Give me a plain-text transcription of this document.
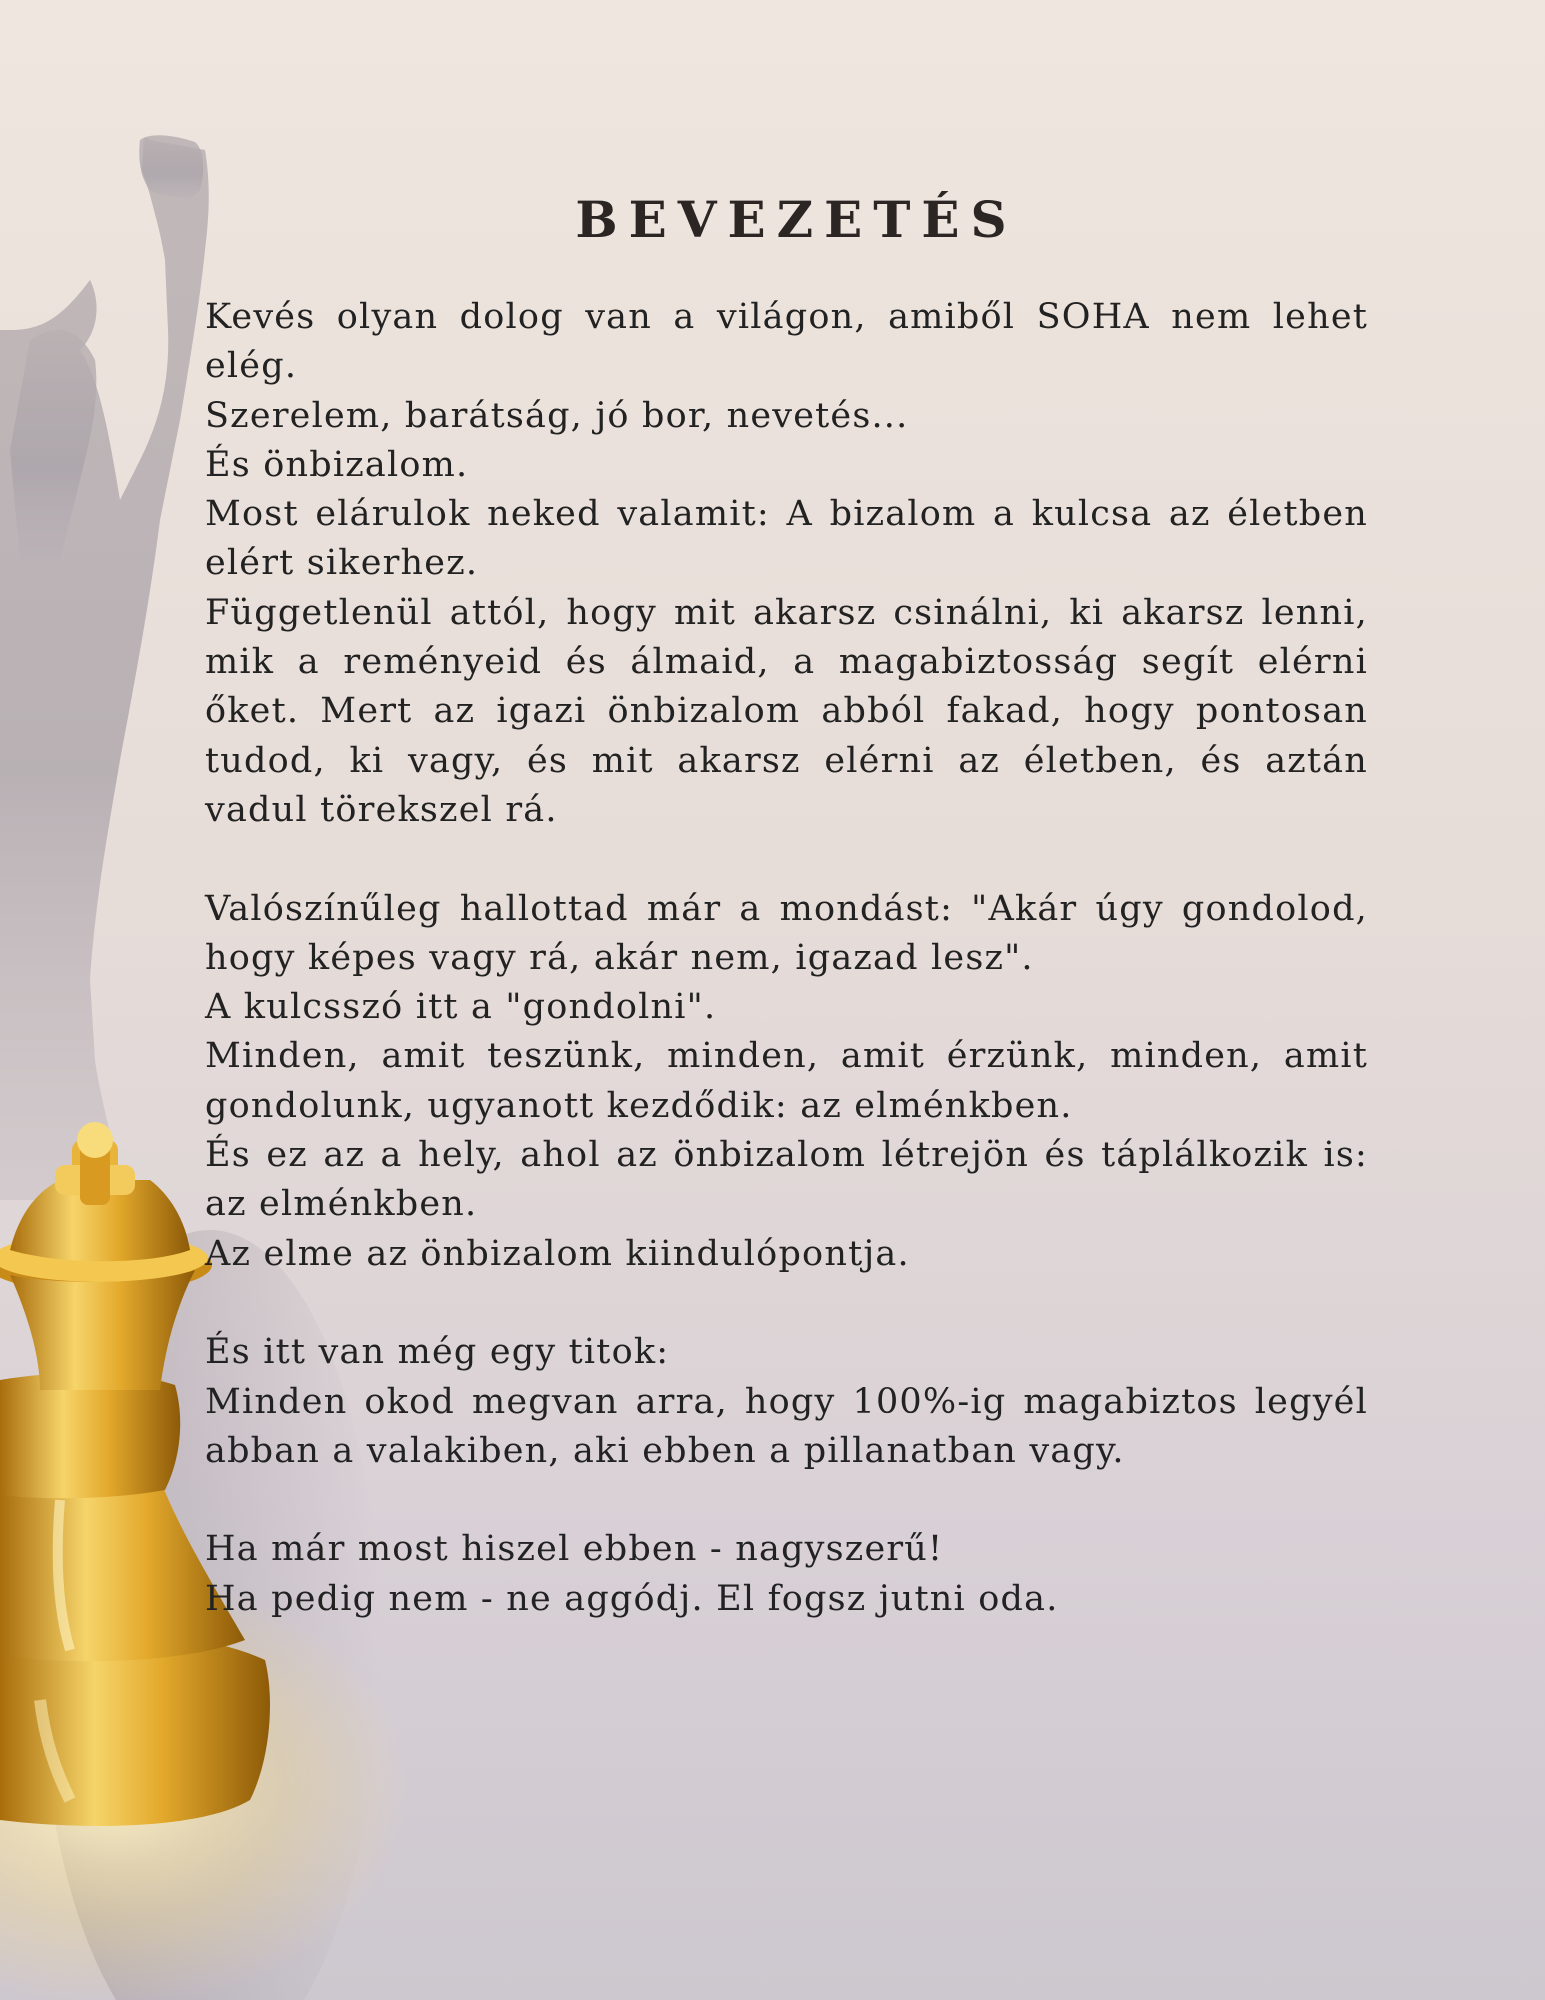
BEVEZETÉS
Kevés olyan dolog van a világon, amiből SOHA nem lehet elég.
Szerelem, barátság, jó bor, nevetés...
És önbizalom.
Most elárulok neked valamit: A bizalom a kulcsa az életben elért sikerhez.
Függetlenül attól, hogy mit akarsz csinálni, ki akarsz lenni, mik a reményeid és álmaid, a magabiztosság segít elérni őket. Mert az igazi önbizalom abból fakad, hogy pontosan tudod, ki vagy, és mit akarsz elérni az életben, és aztán vadul törekszel rá.
Valószínűleg hallottad már a mondást: "Akár úgy gondolod, hogy képes vagy rá, akár nem, igazad lesz".
A kulcsszó itt a "gondolni".
Minden, amit teszünk, minden, amit érzünk, minden, amit gondolunk, ugyanott kezdődik: az elménkben.
És ez az a hely, ahol az önbizalom létrejön és táplálkozik is: az elménkben.
Az elme az önbizalom kiindulópontja.
És itt van még egy titok:
Minden okod megvan arra, hogy 100%-ig magabiztos legyél abban a valakiben, aki ebben a pillanatban vagy.
Ha már most hiszel ebben - nagyszerű!
Ha pedig nem - ne aggódj. El fogsz jutni oda.
